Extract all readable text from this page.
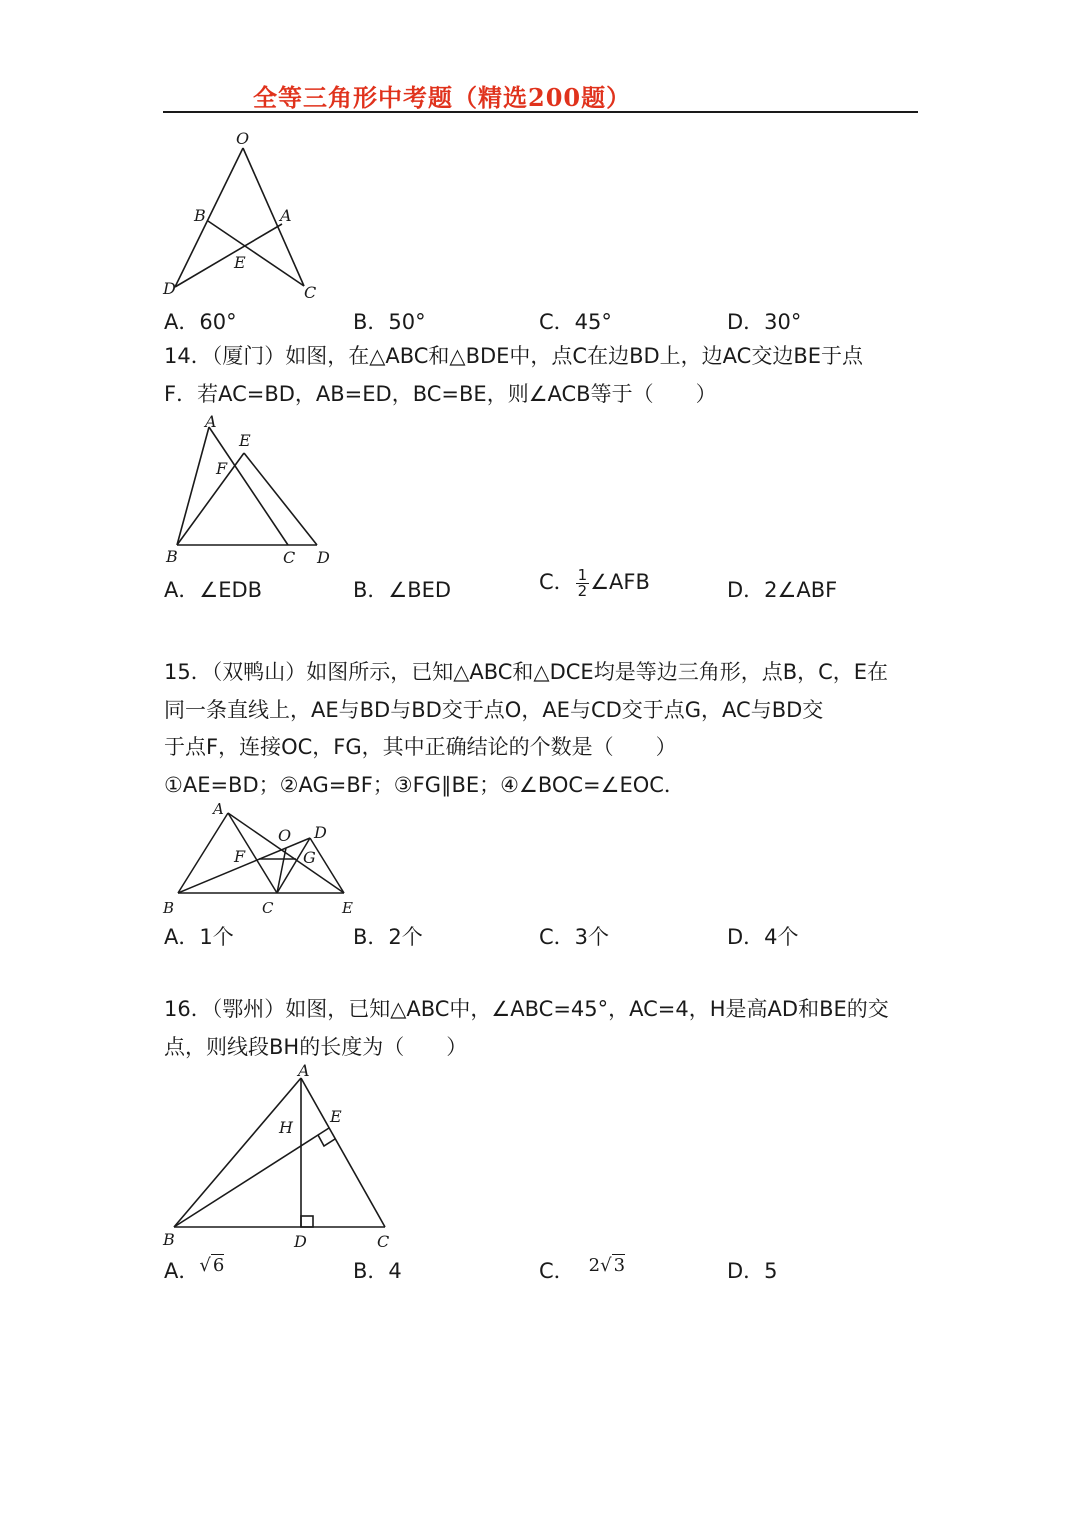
全等三角形中考题（精选200题）
O
B	A
E
D	C
A．60°	B．50°	C．45°	D．30°
14．（厦门）如图，在△ABC和△BDE中，点C在边BD上，边AC交边BE于点
F．若AC=BD，AB=ED，BC=BE，则∠ACB等于（　　）
A
E
F
B	C D
A．∠EDB	B．∠BED	C． $\frac{1}{2}$ ∠AFB	D．2∠ABF
15．（双鸭山）如图所示，已知△ABC和△DCE均是等边三角形，点B，C，E在
同一条直线上，AE与BD与BD交于点O，AE与CD交于点G，AC与BD交
于点F，连接OC，FG，其中正确结论的个数是（　　）
①AE=BD；②AG=BF；③FG∥BE；④∠BOC=∠EOC．
A
O D
F	G
B	C	E
A．1个	B．2个	C．3个	D．4个
16．（鄂州）如图，已知△ABC中，∠ABC=45°，AC=4，H是高AD和BE的交
点，则线段BH的长度为（　　）
A
H
E
B	D	C
A．√ 6	B．4	C． 2√ 3	D．5
